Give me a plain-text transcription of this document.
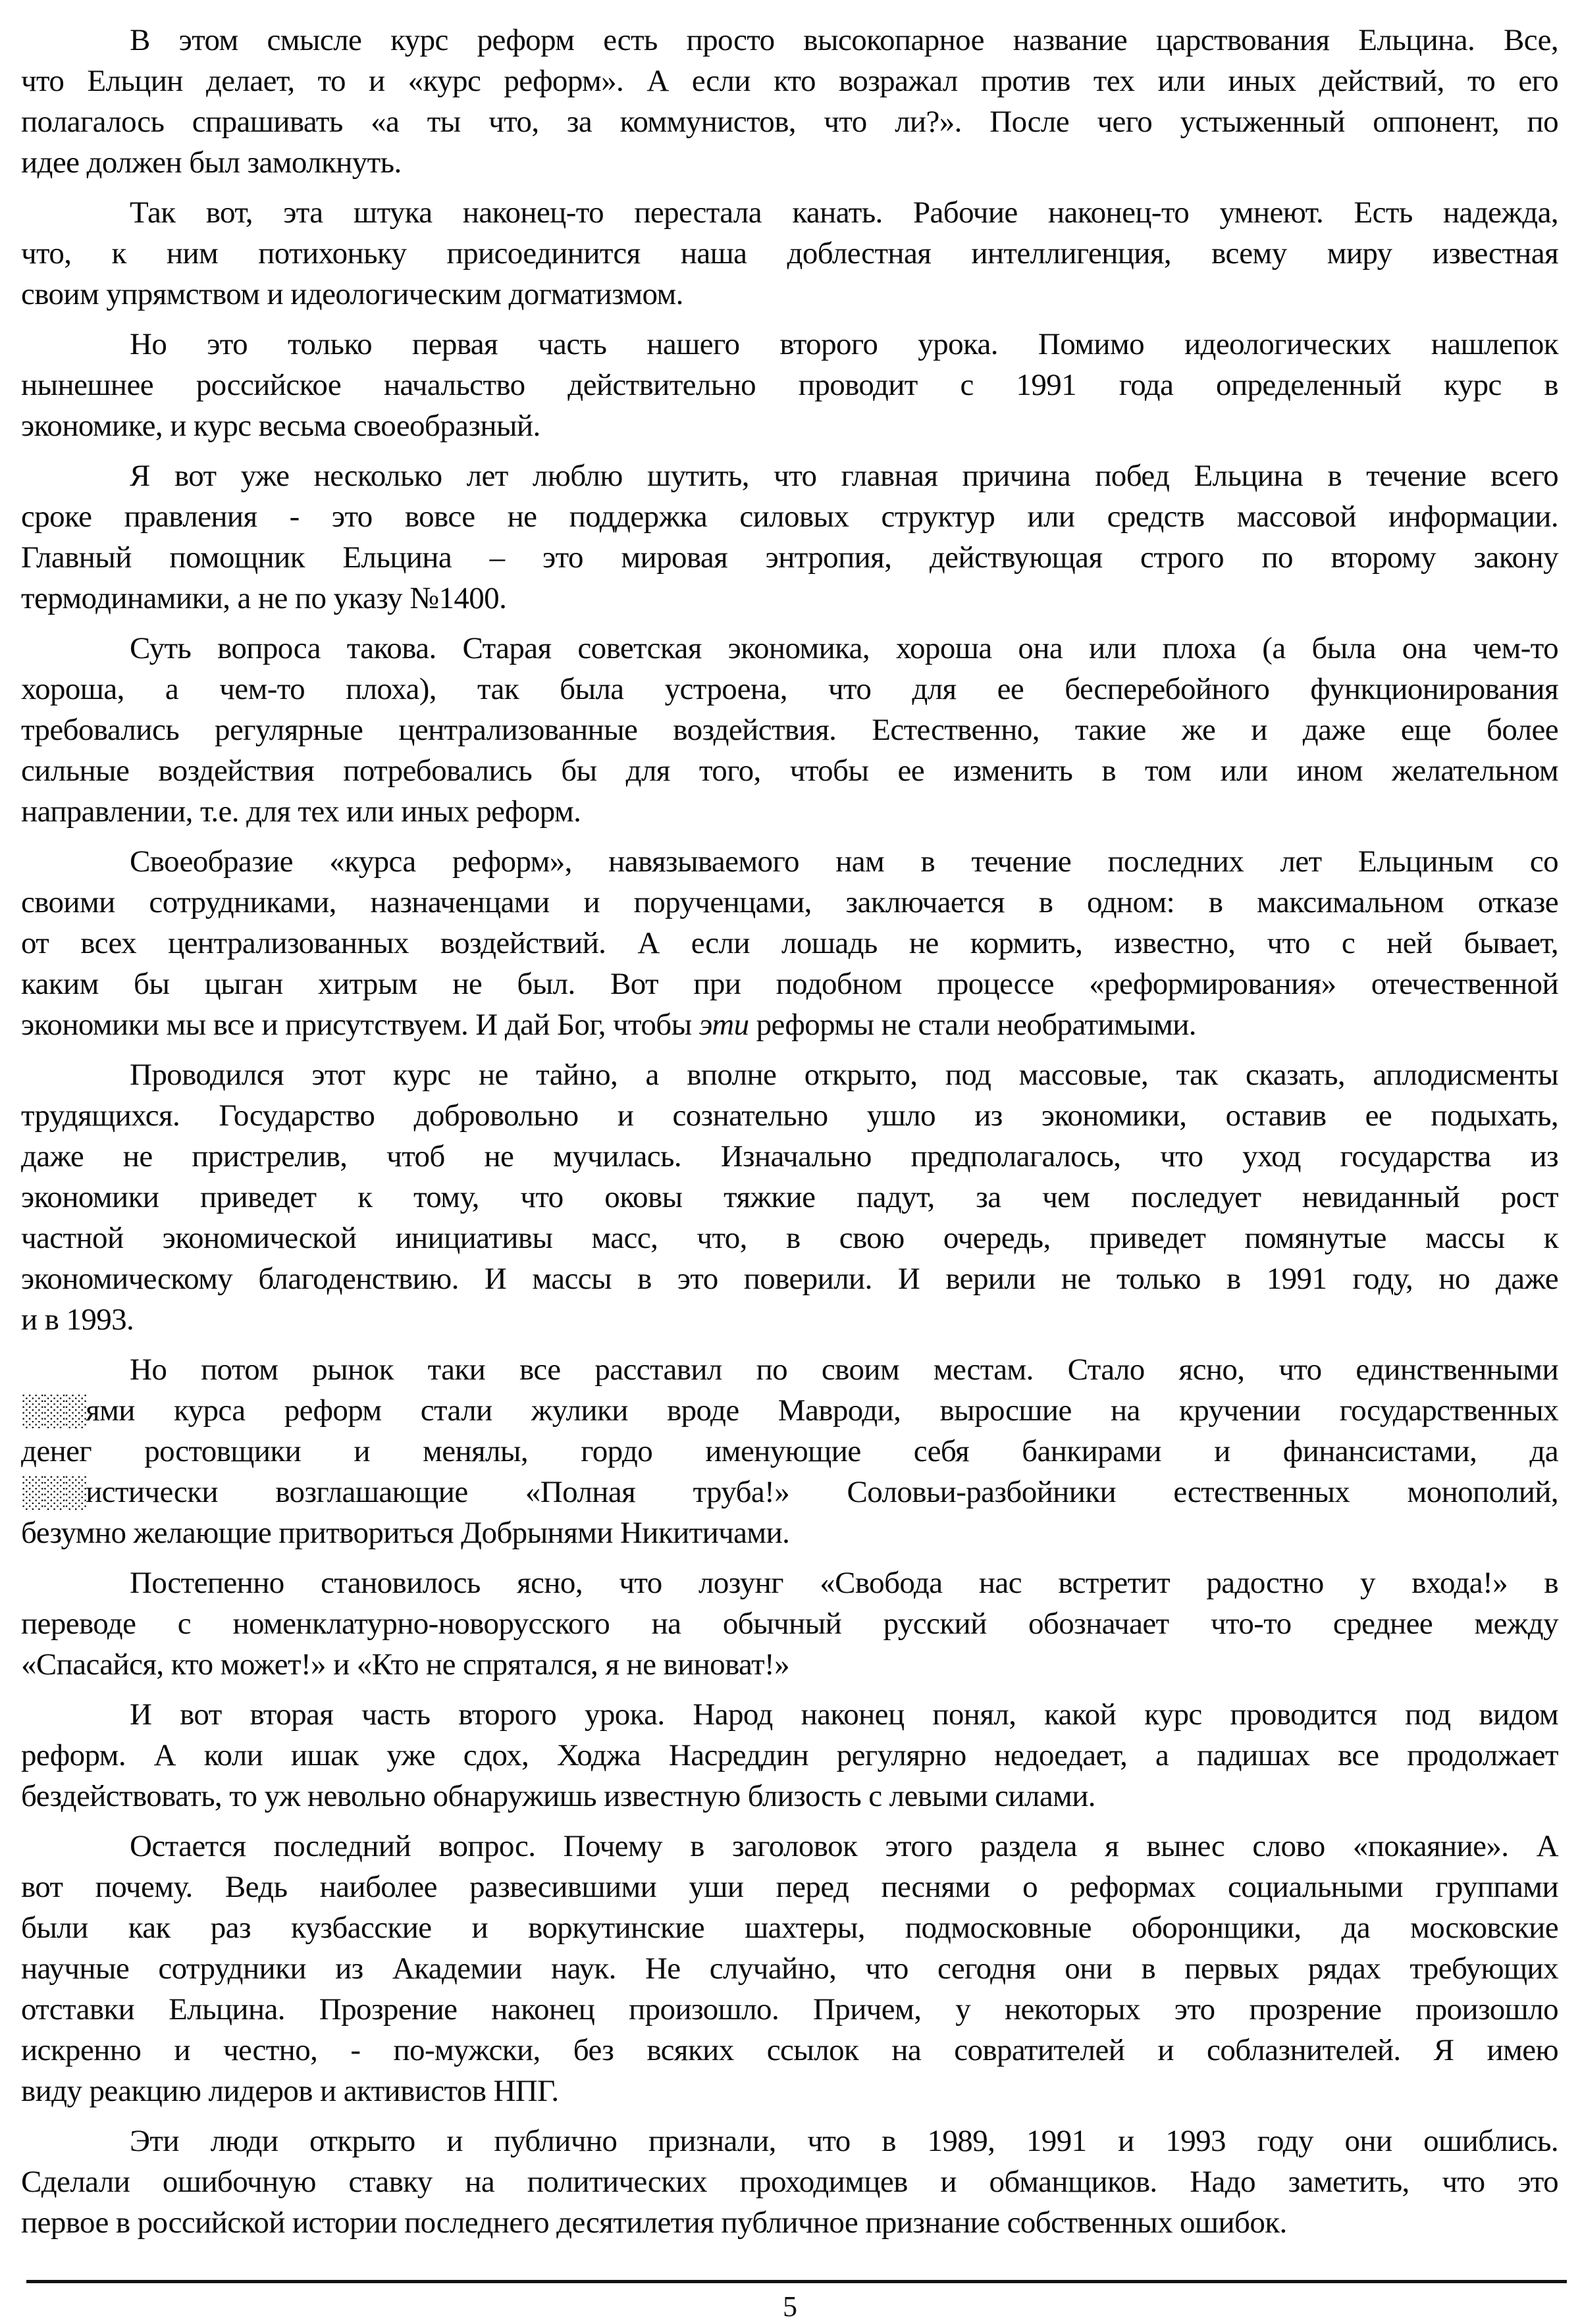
В этом смысле курс реформ есть просто высокопарное название царствования Ельцина. Все,
что Ельцин делает, то и «курс реформ». А если кто возражал против тех или иных действий, то его
полагалось спрашивать «а ты что, за коммунистов, что ли?». После чего устыженный оппонент, по
идее должен был замолкнуть.
Так вот, эта штука наконец-то перестала канать. Рабочие наконец-то умнеют. Есть надежда,
что, к ним потихоньку присоединится наша доблестная интеллигенция, всему миру известная
своим упрямством и идеологическим догматизмом.
Но это только первая часть нашего второго урока. Помимо идеологических нашлепок
нынешнее российское начальство действительно проводит с 1991 года определенный курс в
экономике, и курс весьма своеобразный.
Я вот уже несколько лет люблю шутить, что главная причина побед Ельцина в течение всего
сроке правления - это вовсе не поддержка силовых структур или средств массовой информации.
Главный помощник Ельцина – это мировая энтропия, действующая строго по второму закону
термодинамики, а не по указу №1400.
Суть вопроса такова. Старая советская экономика, хороша она или плоха (а была она чем-то
хороша, а чем-то плоха), так была устроена, что для ее бесперебойного функционирования
требовались регулярные централизованные воздействия. Естественно, такие же и даже еще более
сильные воздействия потребовались бы для того, чтобы ее изменить в том или ином желательном
направлении, т.е. для тех или иных реформ.
Своеобразие «курса реформ», навязываемого нам в течение последних лет Ельциным со
своими сотрудниками, назначенцами и порученцами, заключается в одном: в максимальном отказе
от всех централизованных воздействий. А если лошадь не кормить, известно, что с ней бывает,
каким бы цыган хитрым не был. Вот при подобном процессе «реформирования» отечественной
экономики мы все и присутствуем. И дай Бог, чтобы эти реформы не стали необратимыми.
Проводился этот курс не тайно, а вполне открыто, под массовые, так сказать, аплодисменты
трудящихся. Государство добровольно и сознательно ушло из экономики, оставив ее подыхать,
даже не пристрелив, чтоб не мучилась. Изначально предполагалось, что уход государства из
экономики приведет к тому, что оковы тяжкие падут, за чем последует невиданный рост
частной экономической инициативы масс, что, в свою очередь, приведет помянутые массы к
экономическому благоденствию. И массы в это поверили. И верили не только в 1991 году, но даже
и в 1993.
Но потом рынок таки все расставил по своим местам. Стало ясно, что единственными
░░░ями курса реформ стали жулики вроде Мавроди, выросшие на кручении государственных
денег ростовщики и менялы, гордо именующие себя банкирами и финансистами, да
░░░истически возглашающие «Полная труба!» Соловьи-разбойники естественных монополий,
безумно желающие притвориться Добрынями Никитичами.
Постепенно становилось ясно, что лозунг «Свобода нас встретит радостно у входа!» в
переводе с номенклатурно-новорусского на обычный русский обозначает что-то среднее между
«Спасайся, кто может!» и «Кто не спрятался, я не виноват!»
И вот вторая часть второго урока. Народ наконец понял, какой курс проводится под видом
реформ. А коли ишак уже сдох, Ходжа Насреддин регулярно недоедает, а падишах все продолжает
бездействовать, то уж невольно обнаружишь известную близость с левыми силами.
Остается последний вопрос. Почему в заголовок этого раздела я вынес слово «покаяние». А
вот почему. Ведь наиболее развесившими уши перед песнями о реформах социальными группами
были как раз кузбасские и воркутинские шахтеры, подмосковные оборонщики, да московские
научные сотрудники из Академии наук. Не случайно, что сегодня они в первых рядах требующих
отставки Ельцина. Прозрение наконец произошло. Причем, у некоторых это прозрение произошло
искренно и честно, - по-мужски, без всяких ссылок на совратителей и соблазнителей. Я имею
виду реакцию лидеров и активистов НПГ.
Эти люди открыто и публично признали, что в 1989, 1991 и 1993 году они ошиблись.
Сделали ошибочную ставку на политических проходимцев и обманщиков. Надо заметить, что это
первое в российской истории последнего десятилетия публичное признание собственных ошибок.
5
